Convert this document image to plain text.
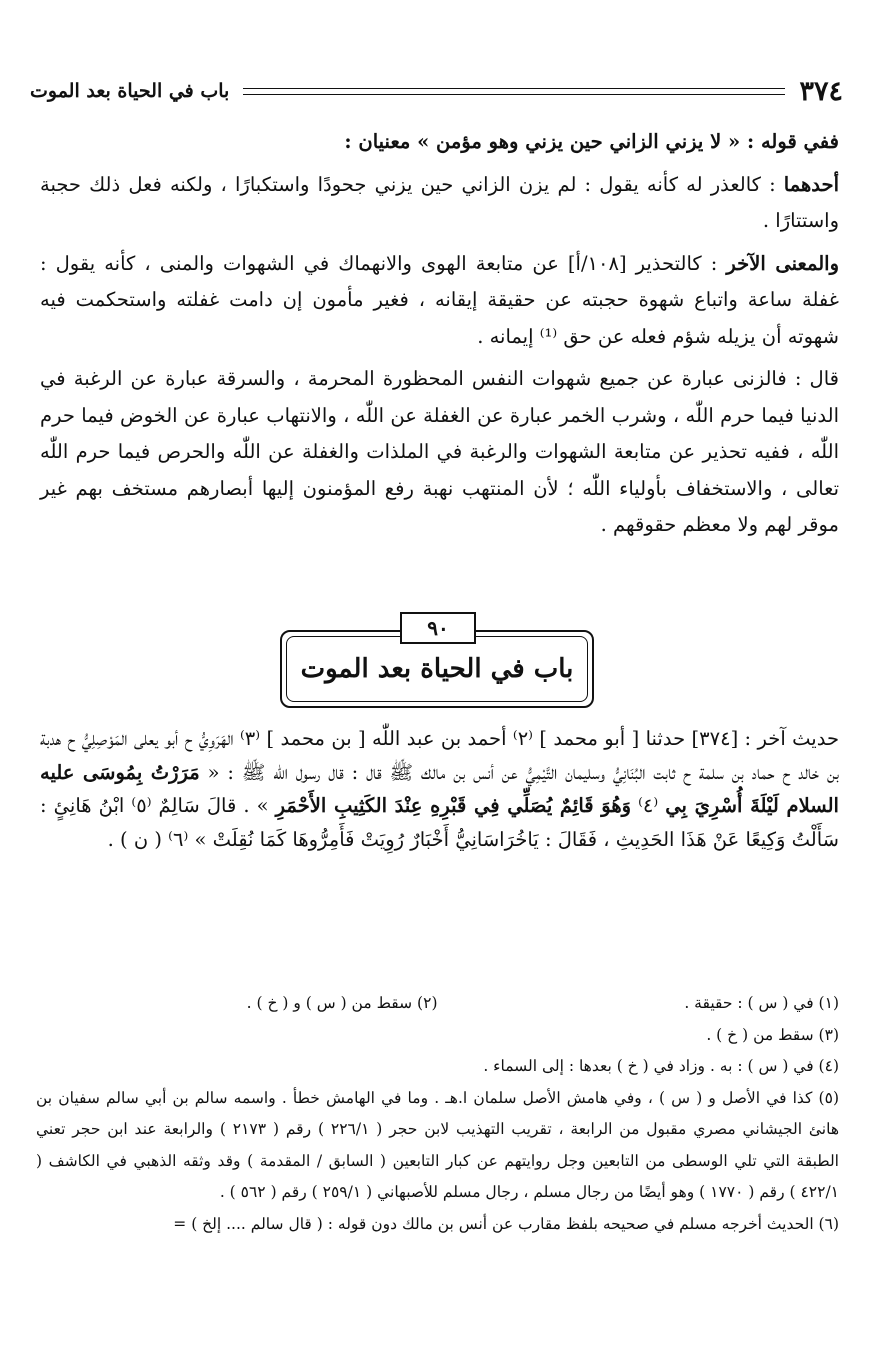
٣٧٤
باب في الحياة بعد الموت

ففي قوله : « لا يزني الزاني حين يزني وهو مؤمن » معنيان :

أحدهما : كالعذر له كأنه يقول : لم يزن الزاني حين يزني جحودًا واستكبارًا ، ولكنه فعل ذلك حجبة واستتارًا .

والمعنى الآخر : كالتحذير [١٠٨/أ] عن متابعة الهوى والانهماك في الشهوات والمنى ، كأنه يقول : غفلة ساعة واتباع شهوة حجبته عن حقيقة إيقانه ، فغير مأمون إن دامت غفلته واستحكمت فيه شهوته أن يزيله شؤم فعله عن حق ⁽¹⁾ إيمانه .

قال : فالزنى عبارة عن جميع شهوات النفس المحظورة المحرمة ، والسرقة عبارة عن الرغبة في الدنيا فيما حرم اللّٰه ، وشرب الخمر عبارة عن الغفلة عن اللّٰه ، والانتهاب عبارة عن الخوض فيما حرم اللّٰه ، ففيه تحذير عن متابعة الشهوات والرغبة في الملذات والغفلة عن اللّٰه والحرص فيما حرم اللّٰه تعالى ، والاستخفاف بأولياء اللّٰه ؛ لأن المنتهب نهبة رفع المؤمنون إليها أبصارهم مستخف بهم غير موقر لهم ولا معظم حقوقهم .

٩٠
باب في الحياة بعد الموت

حديث آخر : [٣٧٤] حدثنا [ أبو محمد ] ⁽٢⁾ أحمد بن عبد اللّٰه [ بن محمد ] ⁽٣⁾ الهَرَوِيُّ ح أبو يعلى المَوْصِلِيُّ ح هدبة بن خالد ح حماد بن سلمة ح ثابت البُنَانِيُّ وسليمان التَّيْمِيُّ عن أنس بن مالك ﷺ قال : قال رسول اللّٰه ﷺ : « مَرَرْتُ بِمُوسَى عليه السلام لَيْلَةَ أُسْرِيَ بِي ⁽٤⁾ وَهُوَ قَائِمٌ يُصَلِّي فِي قَبْرِهِ عِنْدَ الكَثِيبِ الأَحْمَرِ » . قالَ سَالِمٌ ⁽٥⁾ ابْنُ هَانِئٍ : سَأَلْتُ وَكِيعًا عَنْ هَذَا الحَدِيثِ ، فَقَالَ : يَاخُرَاسَانِيُّ أَخْبَارٌ رُوِيَتْ فَأَمِرُّوهَا كَمَا نُقِلَتْ » ⁽٦⁾ ( ن ) .

(١) في ( س ) : حقيقة .
(٢) سقط من ( س ) و ( خ ) .
(٣) سقط من ( خ ) .
(٤) في ( س ) : به . وزاد في ( خ ) بعدها : إلى السماء .
(٥) كذا في الأصل و ( س ) ، وفي هامش الأصل سلمان ا.هـ . وما في الهامش خطأ . واسمه سالم بن أبي سالم سفيان بن هانئ الجيشاني مصري مقبول من الرابعة ، تقريب التهذيب لابن حجر ( ٢٢٦/١ ) رقم ( ٢١٧٣ ) والرابعة عند ابن حجر تعني الطبقة التي تلي الوسطى من التابعين وجل روايتهم عن كبار التابعين ( السابق / المقدمة ) وقد وثقه الذهبي في الكاشف ( ٤٢٢/١ ) رقم ( ١٧٧٠ ) وهو أيضًا من رجال مسلم ، رجال مسلم للأصبهاني ( ٢٥٩/١ ) رقم ( ٥٦٢ ) .
(٦) الحديث أخرجه مسلم في صحيحه بلفظ مقارب عن أنس بن مالك دون قوله : ( قال سالم .... إلخ ) =
